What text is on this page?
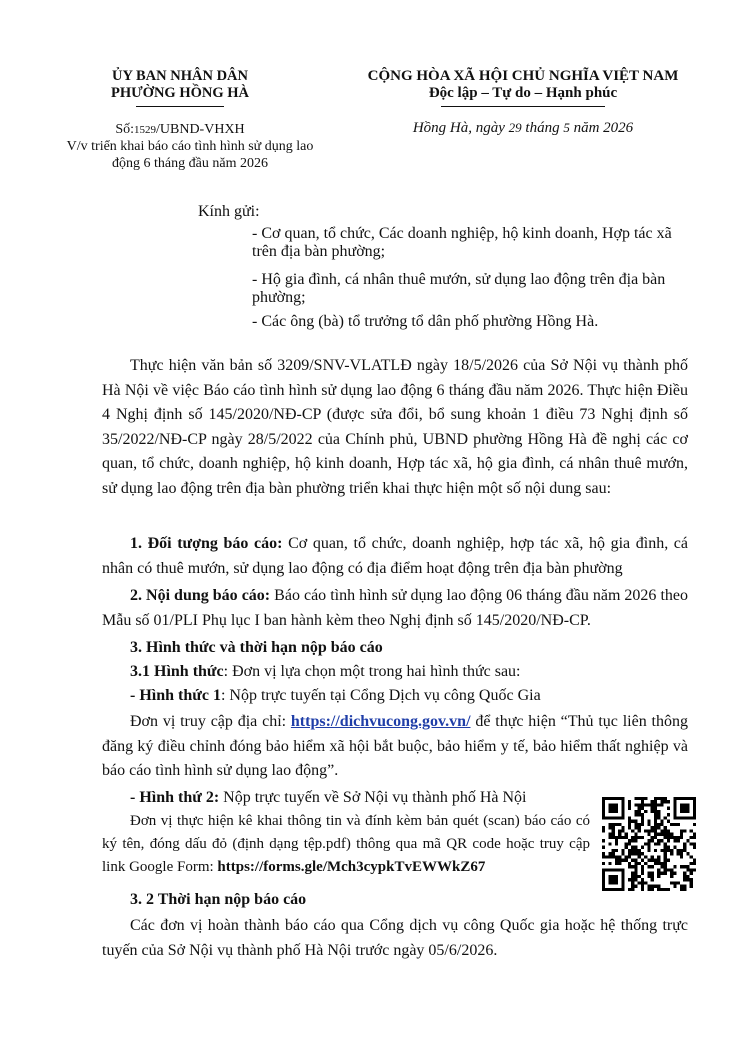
ỦY BAN NHÂN DÂN
PHƯỜNG HỒNG HÀ
CỘNG HÒA XÃ HỘI CHỦ NGHĨA VIỆT NAM
Độc lập – Tự do – Hạnh phúc
Số:1529/UBND-VHXH
V/v triển khai báo cáo tình hình sử dụng lao động 6 tháng đầu năm 2026
Hồng Hà, ngày 29 tháng 5 năm 2026
Kính gửi:
- Cơ quan, tổ chức, Các doanh nghiệp, hộ kinh doanh, Hợp tác xã trên địa bàn phường;
- Hộ gia đình, cá nhân thuê mướn, sử dụng lao động trên địa bàn phường;
- Các ông (bà) tổ trưởng tổ dân phố phường Hồng Hà.
Thực hiện văn bản số 3209/SNV-VLATLĐ ngày 18/5/2026 của Sở Nội vụ thành phố Hà Nội về việc Báo cáo tình hình sử dụng lao động 6 tháng đầu năm 2026. Thực hiện Điều 4 Nghị định số 145/2020/NĐ-CP (được sửa đổi, bổ sung khoản 1 điều 73 Nghị định số 35/2022/NĐ-CP ngày 28/5/2022 của Chính phủ, UBND phường Hồng Hà đề nghị các cơ quan, tổ chức, doanh nghiệp, hộ kinh doanh, Hợp tác xã, hộ gia đình, cá nhân thuê mướn, sử dụng lao động trên địa bàn phường triển khai thực hiện một số nội dung sau:
1. Đối tượng báo cáo: Cơ quan, tổ chức, doanh nghiệp, hợp tác xã, hộ gia đình, cá nhân có thuê mướn, sử dụng lao động có địa điểm hoạt động trên địa bàn phường
2. Nội dung báo cáo: Báo cáo tình hình sử dụng lao động 06 tháng đầu năm 2026 theo Mẫu số 01/PLI Phụ lục I ban hành kèm theo Nghị định số 145/2020/NĐ-CP.
3. Hình thức và thời hạn nộp báo cáo
3.1 Hình thức: Đơn vị lựa chọn một trong hai hình thức sau:
- Hình thức 1: Nộp trực tuyến tại Cổng Dịch vụ công Quốc Gia
Đơn vị truy cập địa chỉ: https://dichvucong.gov.vn/ để thực hiện “Thủ tục liên thông đăng ký điều chỉnh đóng bảo hiểm xã hội bắt buộc, bảo hiểm y tế, bảo hiểm thất nghiệp và báo cáo tình hình sử dụng lao động”.
- Hình thứ 2: Nộp trực tuyến về Sở Nội vụ thành phố Hà Nội
Đơn vị thực hiện kê khai thông tin và đính kèm bản quét (scan) báo cáo có ký tên, đóng dấu đỏ (định dạng tệp.pdf) thông qua mã QR code hoặc truy cập link Google Form: https://forms.gle/Mch3cypkTvEWWkZ67
3. 2 Thời hạn nộp báo cáo
Các đơn vị hoàn thành báo cáo qua Cổng dịch vụ công Quốc gia hoặc hệ thống trực tuyến của Sở Nội vụ thành phố Hà Nội trước ngày 05/6/2026.
